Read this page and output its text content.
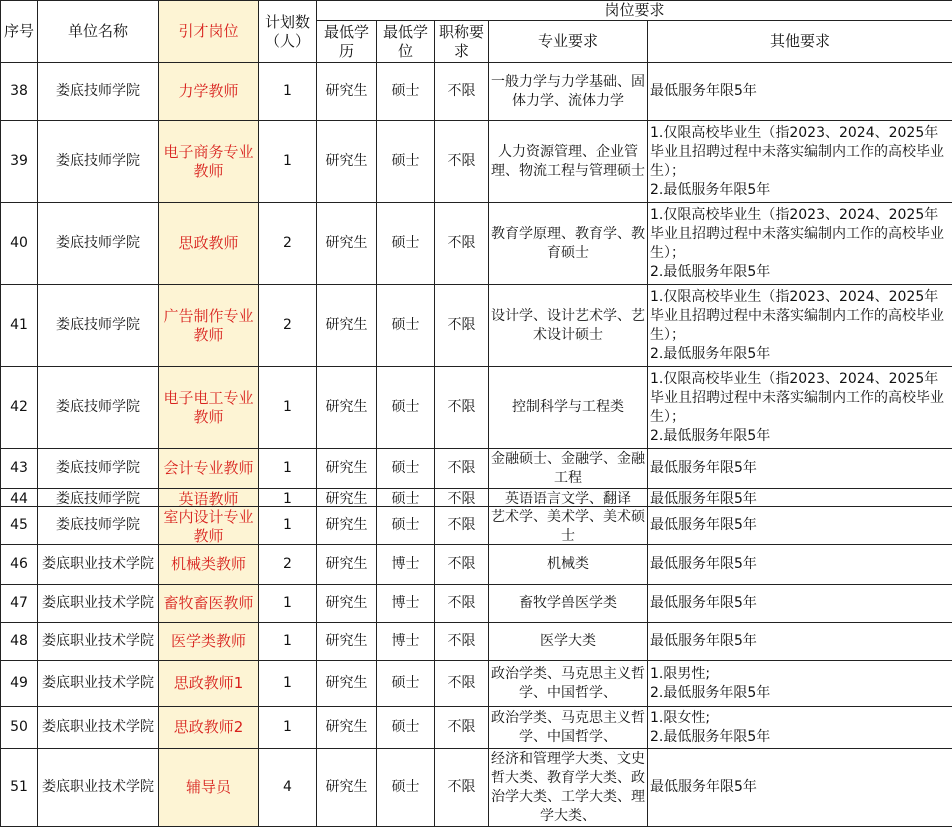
序号	单位名称	引才岗位	计划数（人）	岗位要求				
				最低学历	最低学位	职称要求	专业要求	其他要求

38	娄底技师学院	力学教师	1	研究生	硕士	不限	一般力学与力学基础、固体力学、流体力学	最低服务年限5年

39	娄底技师学院	电子商务专业教师	1	研究生	硕士	不限	人力资源管理、企业管理、物流工程与管理硕士	1.仅限高校毕业生（指2023、2024、2025年毕业且招聘过程中未落实编制内工作的高校毕业生）；
2.最低服务年限5年

40	娄底技师学院	思政教师	2	研究生	硕士	不限	教育学原理、教育学、教育硕士	1.仅限高校毕业生（指2023、2024、2025年毕业且招聘过程中未落实编制内工作的高校毕业生）；
2.最低服务年限5年

41	娄底技师学院	广告制作专业教师	2	研究生	硕士	不限	设计学、设计艺术学、艺术设计硕士	1.仅限高校毕业生（指2023、2024、2025年毕业且招聘过程中未落实编制内工作的高校毕业生）；
2.最低服务年限5年

42	娄底技师学院	电子电工专业教师	1	研究生	硕士	不限	控制科学与工程类	1.仅限高校毕业生（指2023、2024、2025年毕业且招聘过程中未落实编制内工作的高校毕业生）；
2.最低服务年限5年

43	娄底技师学院	会计专业教师	1	研究生	硕士	不限	金融硕士、金融学、金融工程	最低服务年限5年

44	娄底技师学院	英语教师	1	研究生	硕士	不限	英语语言文学、翻译	最低服务年限5年

45	娄底技师学院	室内设计专业教师	1	研究生	硕士	不限	艺术学、美术学、美术硕士	最低服务年限5年

46	娄底职业技术学院	机械类教师	2	研究生	博士	不限	机械类	最低服务年限5年

47	娄底职业技术学院	畜牧畜医教师	1	研究生	博士	不限	畜牧学兽医学类	最低服务年限5年

48	娄底职业技术学院	医学类教师	1	研究生	博士	不限	医学大类	最低服务年限5年

49	娄底职业技术学院	思政教师1	1	研究生	硕士	不限	政治学类、马克思主义哲学、中国哲学、	1.限男性;
2.最低服务年限5年

50	娄底职业技术学院	思政教师2	1	研究生	硕士	不限	政治学类、马克思主义哲学、中国哲学、	1.限女性;
2.最低服务年限5年

51	娄底职业技术学院	辅导员	4	研究生	硕士	不限	经济和管理学大类、文史哲大类、教育学大类、政治学大类、工学大类、理学大类、	最低服务年限5年
